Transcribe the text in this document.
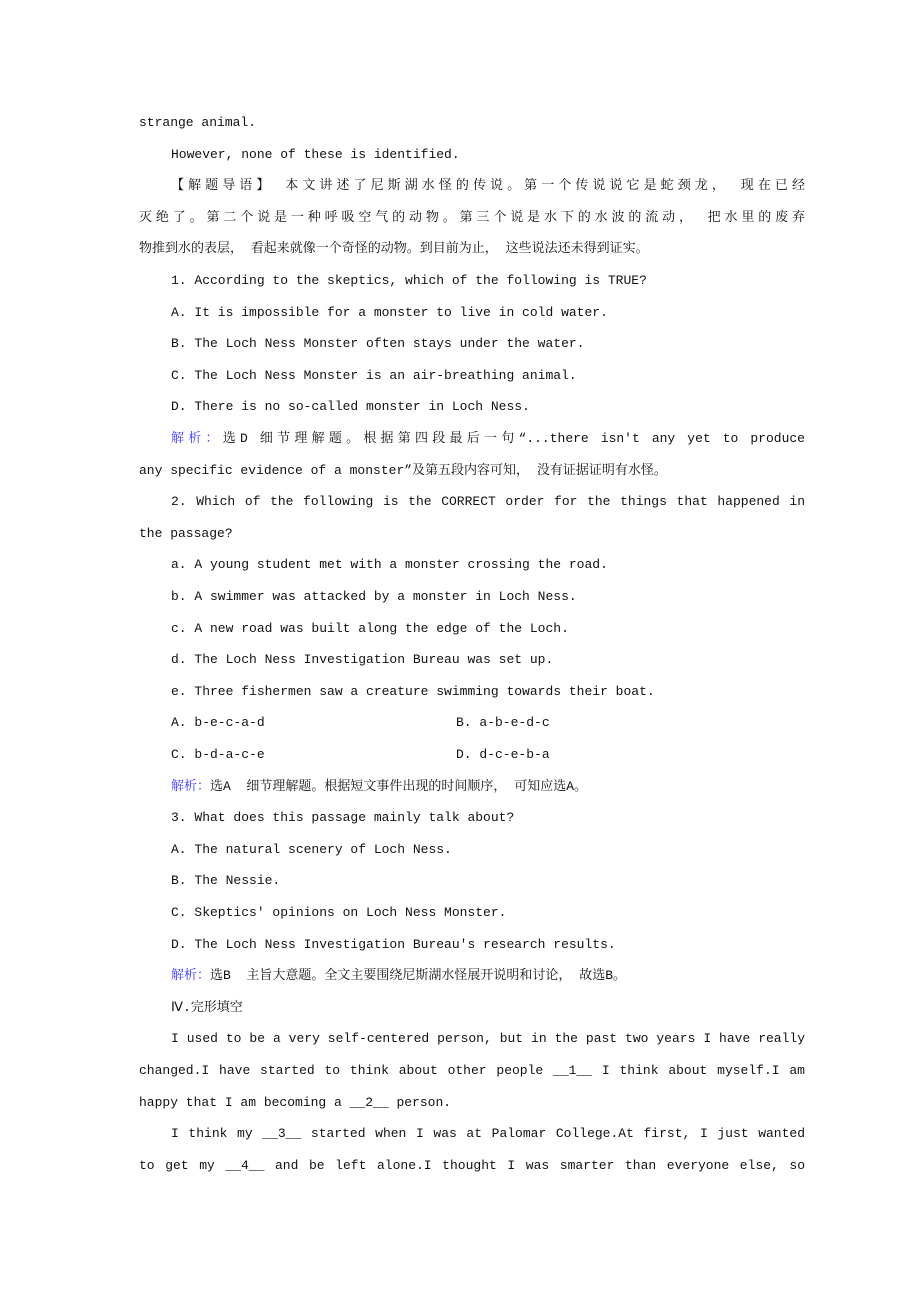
strange animal.
However, none of these is identified.
【解题导语】 本文讲述了尼斯湖水怪的传说。第一个传说说它是蛇颈龙， 现在已经
灭绝了。第二个说是一种呼吸空气的动物。第三个说是水下的水波的流动， 把水里的废弃
物推到水的表层， 看起来就像一个奇怪的动物。到目前为止， 这些说法还未得到证实。
1. According to the skeptics, which of the following is TRUE?
A. It is impossible for a monster to live in cold water.
B. The Loch Ness Monster often stays under the water.
C. The Loch Ness Monster is an air-breathing animal.
D. There is no so-called monster in Loch Ness.
解析：选D 细节理解题。根据第四段最后一句“...there isn't any yet to produce
any specific evidence of a monster”及第五段内容可知， 没有证据证明有水怪。
2. Which of the following is the CORRECT order for the things that happened in
the passage?
a. A young student met with a monster crossing the road.
b. A swimmer was attacked by a monster in Loch Ness.
c. A new road was built along the edge of the Loch.
d. The Loch Ness Investigation Bureau was set up.
e. Three fishermen saw a creature swimming towards their boat.
A. b-e-c-a-d	B. a-b-e-d-c
C. b-d-a-c-e	D. d-c-e-b-a
解析：选A  细节理解题。根据短文事件出现的时间顺序， 可知应选A。
3. What does this passage mainly talk about?
A. The natural scenery of Loch Ness.
B. The Nessie.
C. Skeptics' opinions on Loch Ness Monster.
D. The Loch Ness Investigation Bureau's research results.
解析：选B  主旨大意题。全文主要围绕尼斯湖水怪展开说明和讨论， 故选B。
Ⅳ.完形填空
I used to be a very self-centered person, but in the past two years I have really
changed.I have started to think about other people __1__ I think about myself.I am
happy that I am becoming a __2__ person.
I think my __3__ started when I was at Palomar College.At first, I just wanted
to get my __4__ and be left alone.I thought I was smarter than everyone else, so
